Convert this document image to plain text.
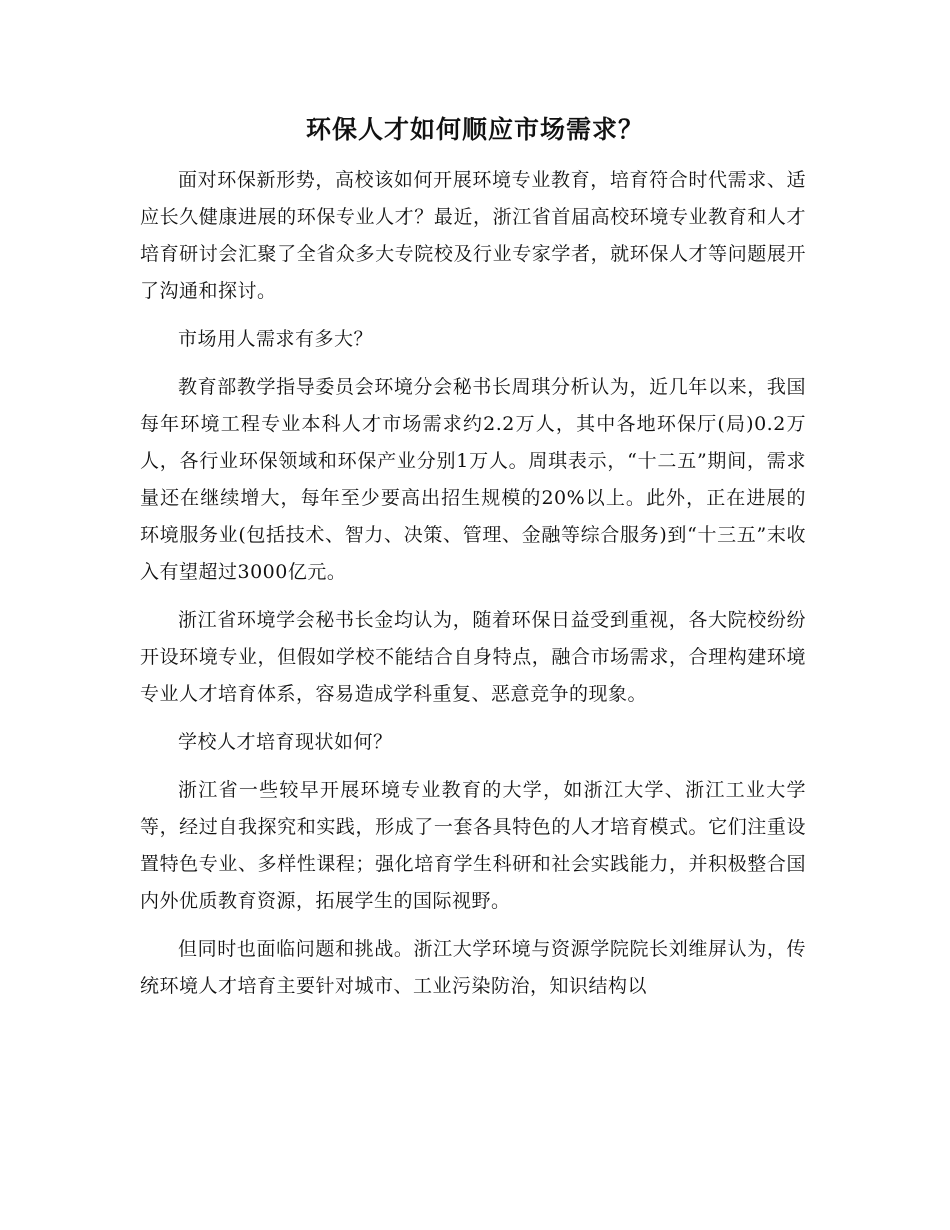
环保人才如何顺应市场需求？

面对环保新形势，高校该如何开展环境专业教育，培育符合时代需求、适应长久健康进展的环保专业人才？最近，浙江省首届高校环境专业教育和人才培育研讨会汇聚了全省众多大专院校及行业专家学者，就环保人才等问题展开了沟通和探讨。

市场用人需求有多大？

教育部教学指导委员会环境分会秘书长周琪分析认为，近几年以来，我国每年环境工程专业本科人才市场需求约2.2万人，其中各地环保厅(局)0.2万人，各行业环保领域和环保产业分别1万人。周琪表示，“十二五”期间，需求量还在继续增大，每年至少要高出招生规模的20%以上。此外，正在进展的环境服务业(包括技术、智力、决策、管理、金融等综合服务)到“十三五”末收入有望超过3000亿元。

浙江省环境学会秘书长金均认为，随着环保日益受到重视，各大院校纷纷开设环境专业，但假如学校不能结合自身特点，融合市场需求，合理构建环境专业人才培育体系，容易造成学科重复、恶意竞争的现象。

学校人才培育现状如何？

浙江省一些较早开展环境专业教育的大学，如浙江大学、浙江工业大学等，经过自我探究和实践，形成了一套各具特色的人才培育模式。它们注重设置特色专业、多样性课程；强化培育学生科研和社会实践能力，并积极整合国内外优质教育资源，拓展学生的国际视野。

但同时也面临问题和挑战。浙江大学环境与资源学院院长刘维屏认为，传统环境人才培育主要针对城市、工业污染防治，知识结构以
